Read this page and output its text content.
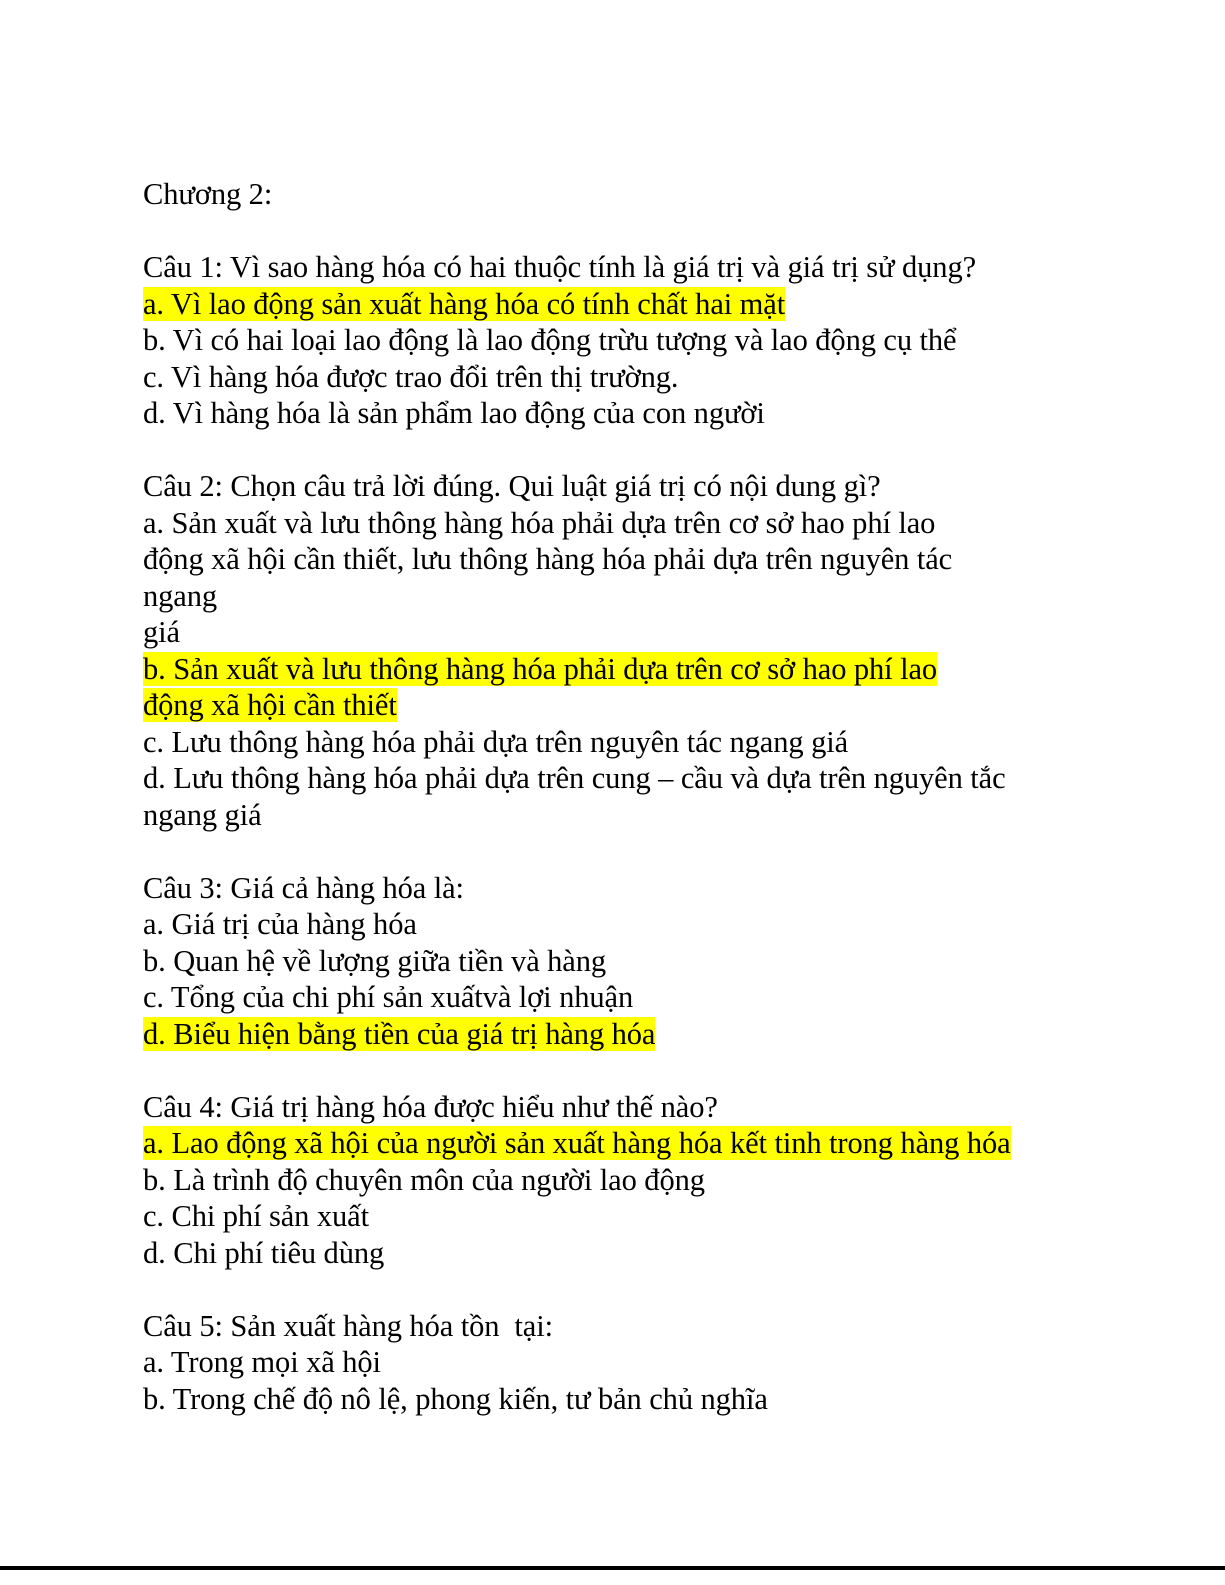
Chương 2:
Câu 1: Vì sao hàng hóa có hai thuộc tính là giá trị và giá trị sử dụng?
a. Vì lao động sản xuất hàng hóa có tính chất hai mặt
b. Vì có hai loại lao động là lao động trừu tượng và lao động cụ thể
c. Vì hàng hóa được trao đổi trên thị trường.
d. Vì hàng hóa là sản phẩm lao động của con người
Câu 2: Chọn câu trả lời đúng. Qui luật giá trị có nội dung gì?
a. Sản xuất và lưu thông hàng hóa phải dựa trên cơ sở hao phí lao
động xã hội cần thiết, lưu thông hàng hóa phải dựa trên nguyên tác
ngang
giá
b. Sản xuất và lưu thông hàng hóa phải dựa trên cơ sở hao phí lao
động xã hội cần thiết
c. Lưu thông hàng hóa phải dựa trên nguyên tác ngang giá
d. Lưu thông hàng hóa phải dựa trên cung – cầu và dựa trên nguyên tắc
ngang giá
Câu 3: Giá cả hàng hóa là:
a. Giá trị của hàng hóa
b. Quan hệ về lượng giữa tiền và hàng
c. Tổng của chi phí sản xuấtvà lợi nhuận
d. Biểu hiện bằng tiền của giá trị hàng hóa
Câu 4: Giá trị hàng hóa được hiểu như thế nào?
a. Lao động xã hội của người sản xuất hàng hóa kết tinh trong hàng hóa
b. Là trình độ chuyên môn của người lao động
c. Chi phí sản xuất
d. Chi phí tiêu dùng
Câu 5: Sản xuất hàng hóa tồn  tại:
a. Trong mọi xã hội
b. Trong chế độ nô lệ, phong kiến, tư bản chủ nghĩa
